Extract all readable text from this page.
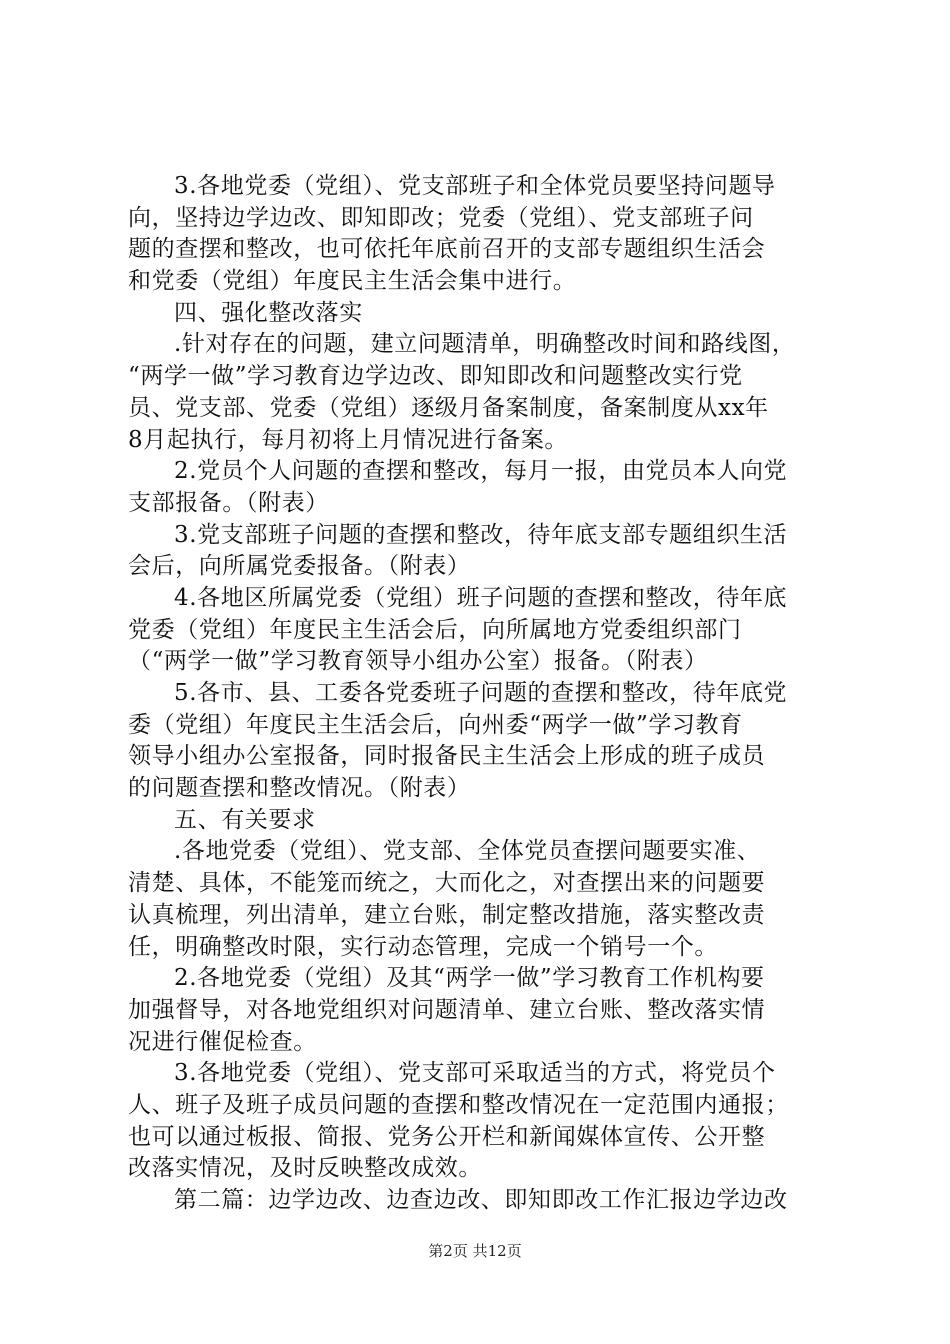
3.各地党委（党组）、党支部班子和全体党员要坚持问题导
向，坚持边学边改、即知即改；党委（党组）、党支部班子问
题的查摆和整改，也可依托年底前召开的支部专题组织生活会
和党委（党组）年度民主生活会集中进行。
四、强化整改落实
.针对存在的问题，建立问题清单，明确整改时间和路线图，
“两学一做”学习教育边学边改、即知即改和问题整改实行党
员、党支部、党委（党组）逐级月备案制度，备案制度从xx年
8月起执行，每月初将上月情况进行备案。
2.党员个人问题的查摆和整改，每月一报，由党员本人向党
支部报备。（附表）
3.党支部班子问题的查摆和整改，待年底支部专题组织生活
会后，向所属党委报备。（附表）
4.各地区所属党委（党组）班子问题的查摆和整改，待年底
党委（党组）年度民主生活会后，向所属地方党委组织部门
（“两学一做”学习教育领导小组办公室）报备。（附表）
5.各市、县、工委各党委班子问题的查摆和整改，待年底党
委（党组）年度民主生活会后，向州委“两学一做”学习教育
领导小组办公室报备，同时报备民主生活会上形成的班子成员
的问题查摆和整改情况。（附表）
五、有关要求
.各地党委（党组）、党支部、全体党员查摆问题要实准、
清楚、具体，不能笼而统之，大而化之，对查摆出来的问题要
认真梳理，列出清单，建立台账，制定整改措施，落实整改责
任，明确整改时限，实行动态管理，完成一个销号一个。
2.各地党委（党组）及其“两学一做”学习教育工作机构要
加强督导，对各地党组织对问题清单、建立台账、整改落实情
况进行催促检查。
3.各地党委（党组）、党支部可采取适当的方式，将党员个
人、班子及班子成员问题的查摆和整改情况在一定范围内通报；
也可以通过板报、简报、党务公开栏和新闻媒体宣传、公开整
改落实情况，及时反映整改成效。
第二篇：边学边改、边查边改、即知即改工作汇报边学边改
第2页 共12页
